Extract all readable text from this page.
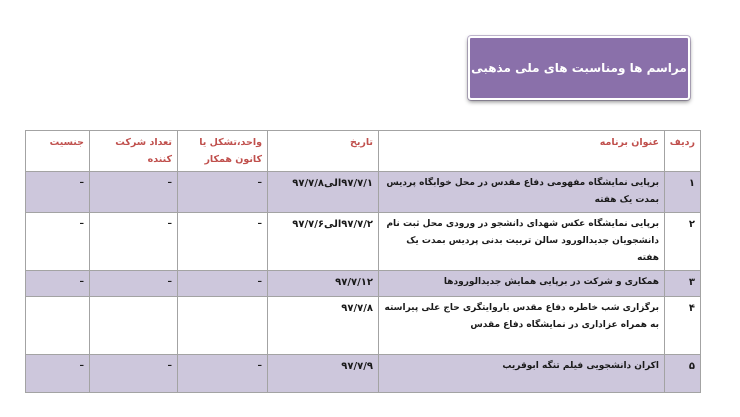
مراسم ها ومناسبت های ملی مذهبی
ردیف	عنوان برنامه	تاریخ	واحد،تشکل یا کانون همکار	تعداد شرکت کننده	جنسیت
۱	برپایی نمایشگاه مفهومی دفاع مقدس در محل خوابگاه پردیس بمدت یک هفته	۹۷/۷/۱الی۹۷/۷/۸	–	–	–
۲	برپایی نمایشگاه عکس شهدای دانشجو در ورودی محل ثبت نام دانشجویان جدیدالورود سالن تربیت بدنی پردیس بمدت یک هفته	۹۷/۷/۲الی۹۷/۷/۶	–	–	–
۳	همکاری و شرکت در برپایی همایش جدیدالورودها	۹۷/۷/۱۲	–	–	–
۴	برگزاری شب خاطره دفاع مقدس باروایتگری حاج علی پیراسته به همراه عزاداری در نمایشگاه دفاع مقدس	۹۷/۷/۸			
۵	اکران دانشجویی فیلم تنگه ابوقریب	۹۷/۷/۹	–	–	–
